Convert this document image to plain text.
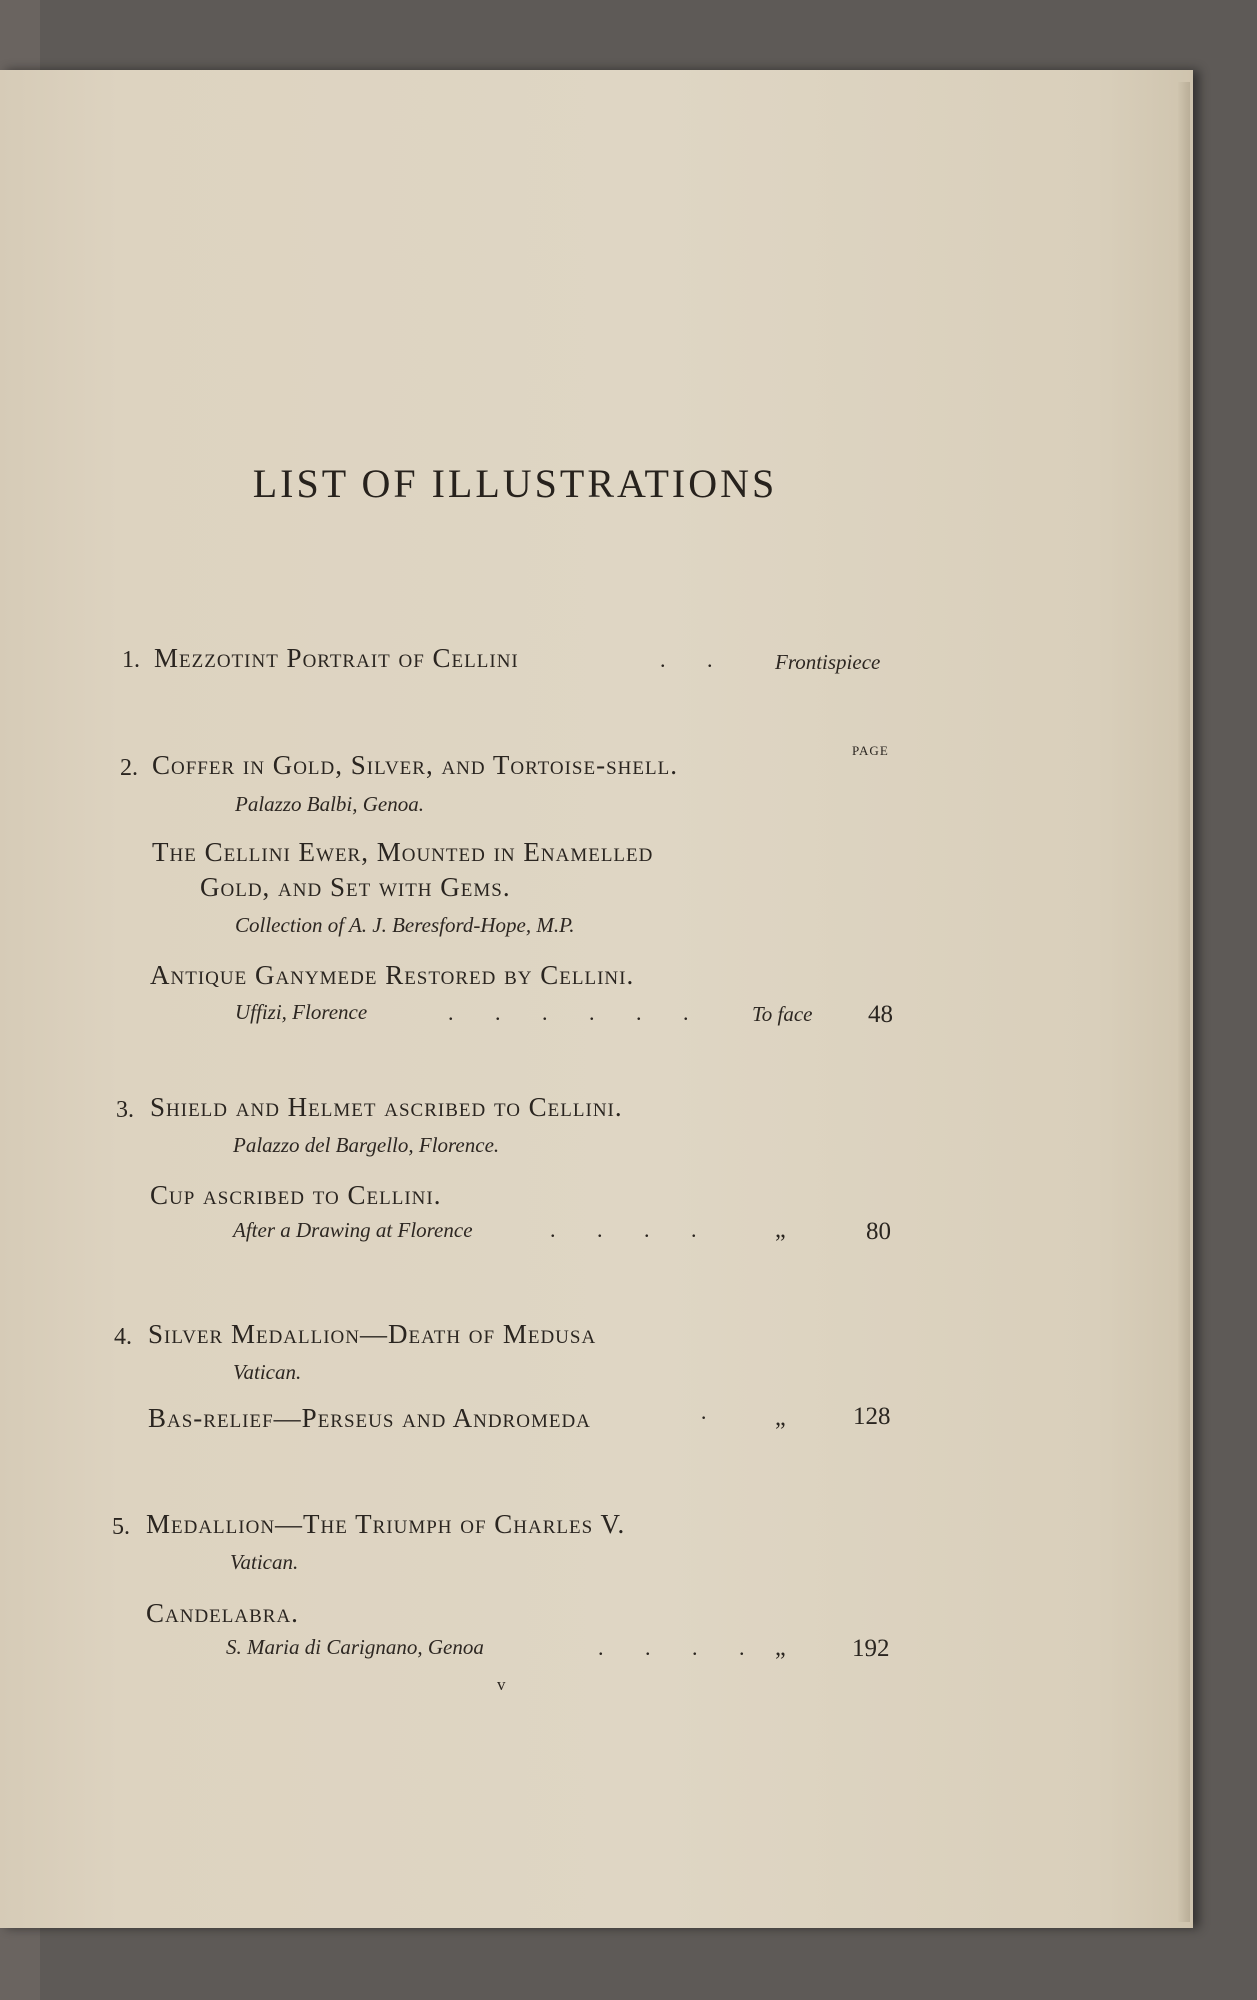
LIST OF ILLUSTRATIONS
1. Mezzotint Portrait of Cellini	. . Frontispiece
PAGE
2. Coffer in Gold, Silver, and Tortoise-shell.
Palazzo Balbi, Genoa.
The Cellini Ewer, Mounted in Enamelled
Gold, and Set with Gems.
Collection of A. J. Beresford-Hope, M.P.
Antique Ganymede Restored by Cellini.
Uffizi, Florence	. . . . . . To face 48
3. Shield and Helmet ascribed to Cellini.
Palazzo del Bargello, Florence.
Cup ascribed to Cellini.
After a Drawing at Florence	. . . .	„	80
4. Silver Medallion—Death of Medusa
Vatican.
Bas-relief—Perseus and Andromeda	· „	128
5. Medallion—The Triumph of Charles V.
Vatican.
Candelabra.
S. Maria di Carignano, Genoa	. . . . „	192
v
